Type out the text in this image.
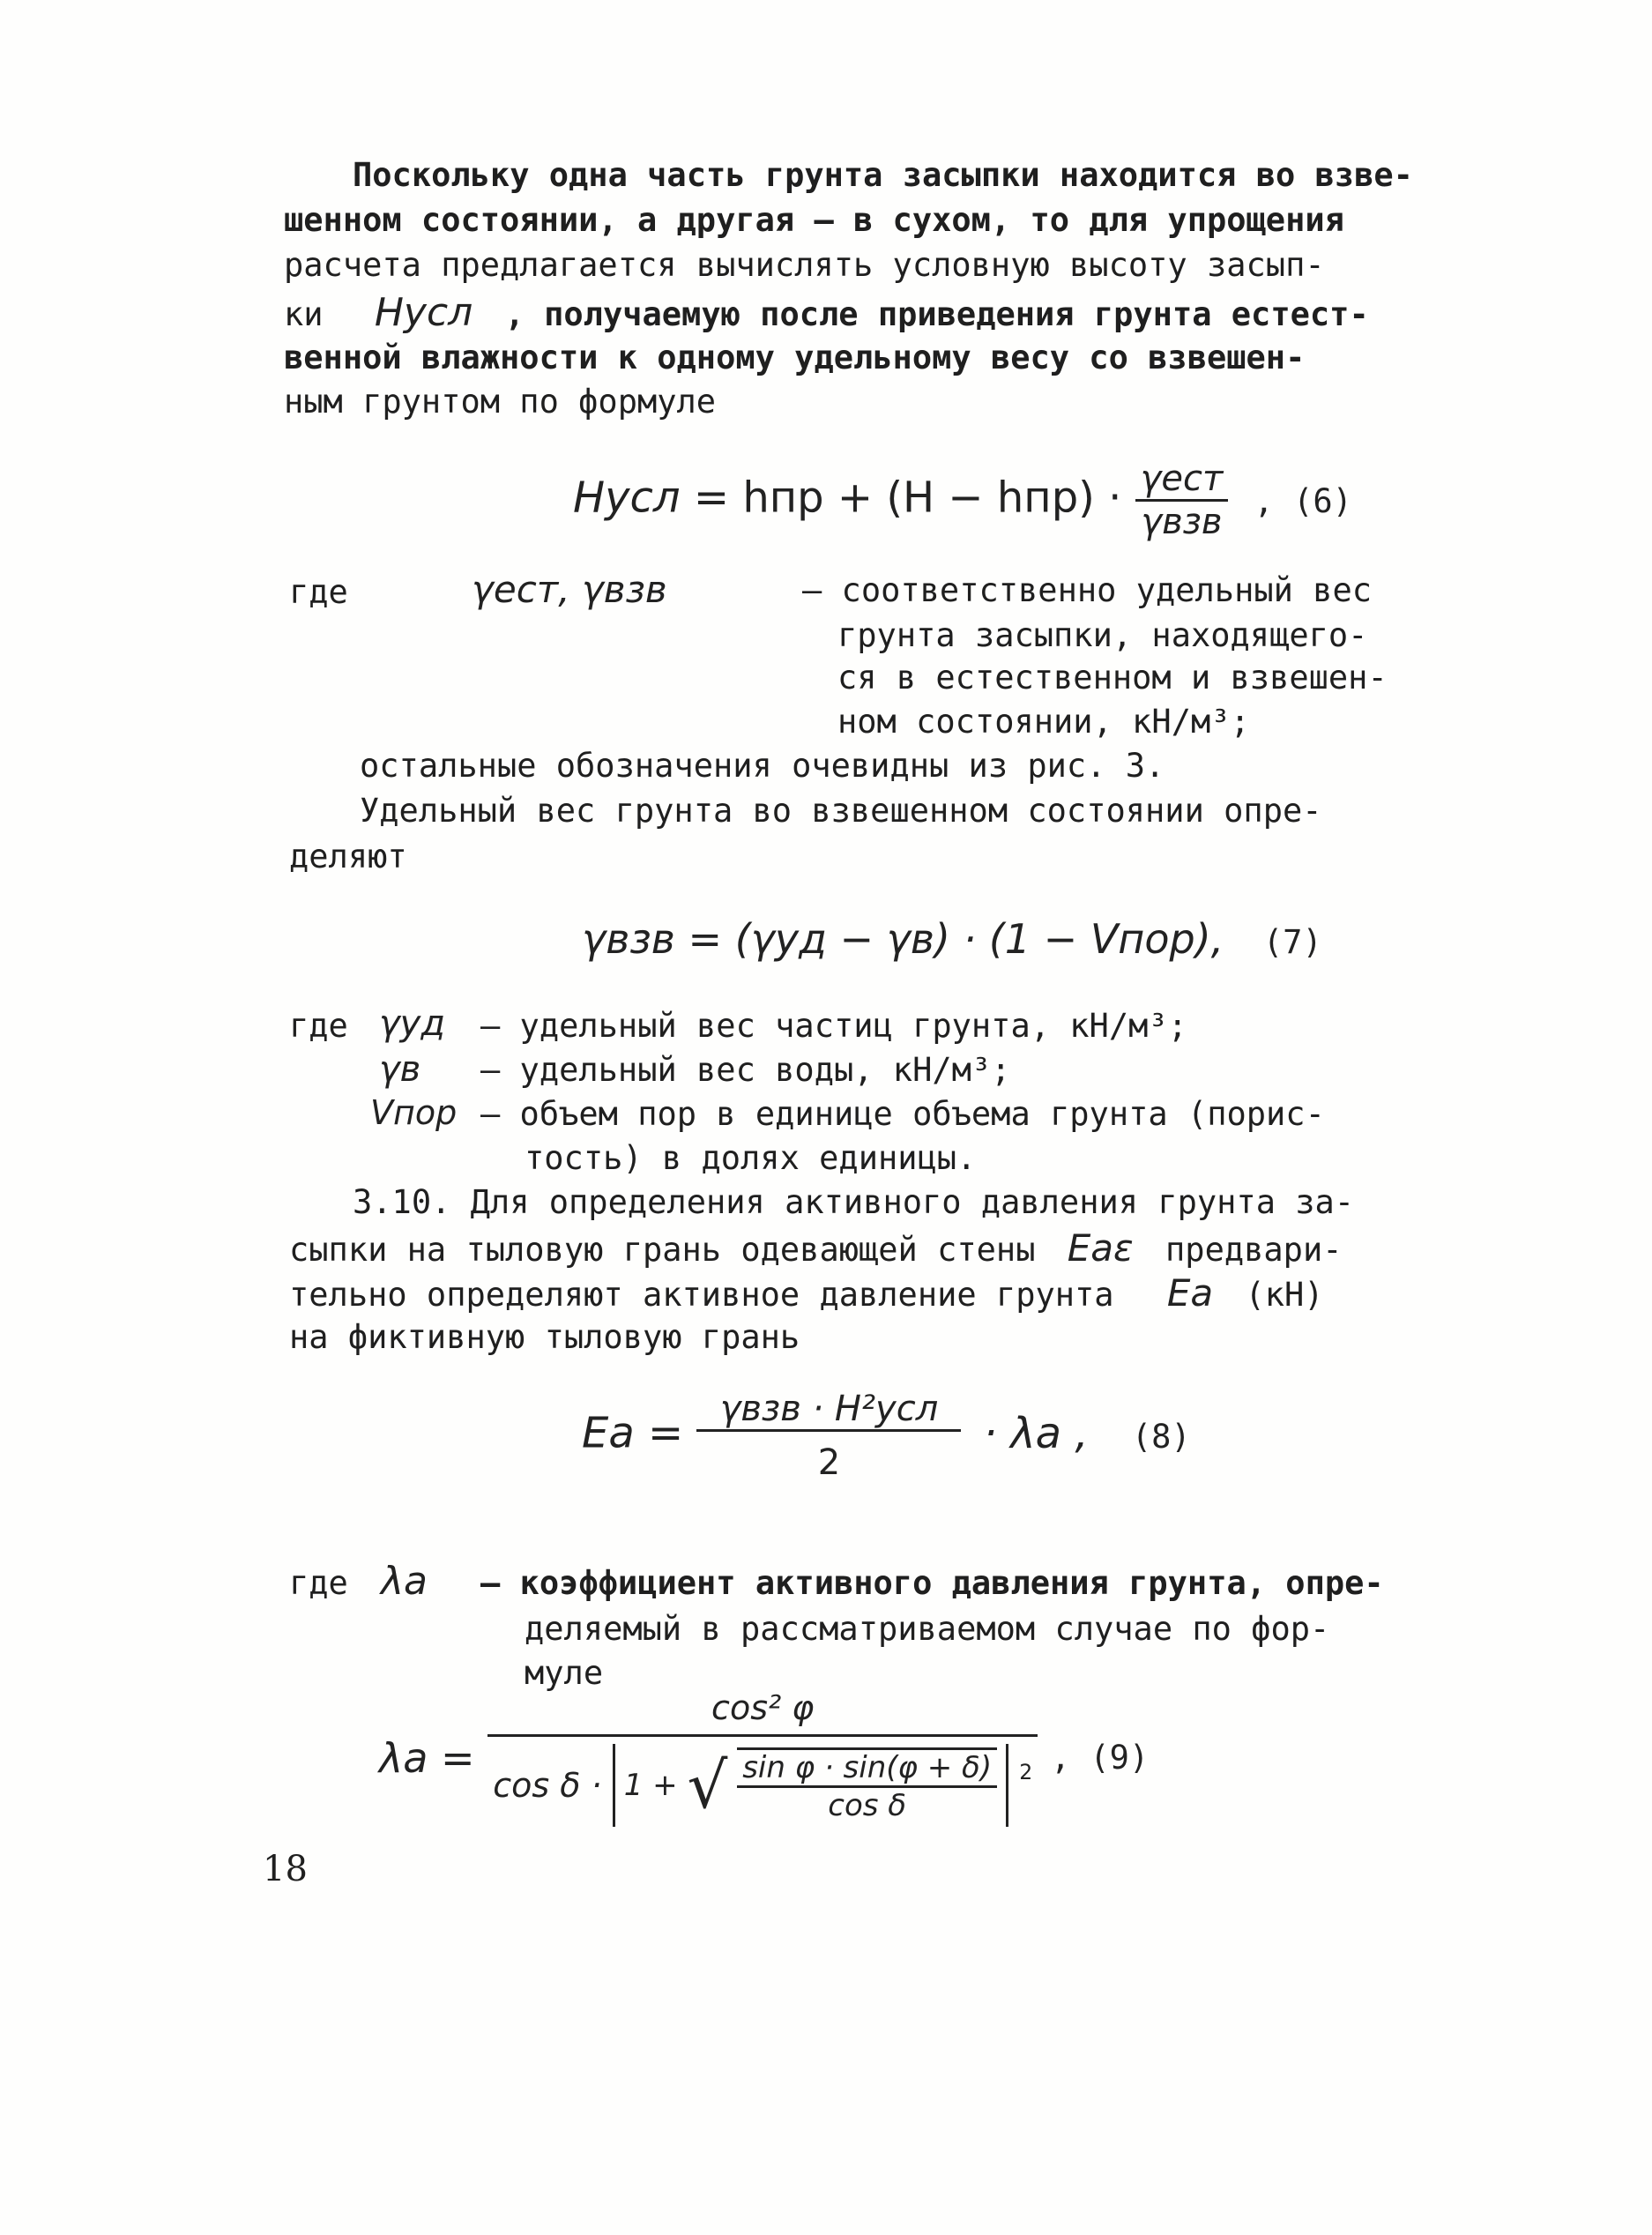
Поскольку одна часть грунта засыпки находится во взве-
шенном состоянии, а другая – в сухом, то для упрощения
расчета предлагается вычислять условную высоту засып-
ки Hусл , получаемую после приведения грунта естест-
венной влажности к одному удельному весу со взвешен-
ным грунтом по формуле
Hусл = hпр + $(H - hпр) \cdot \frac{\text{γест}}{\text{γвзв}}$ , (6)
где	γест, γвзв	– соответственно удельный вес
грунта засыпки, находящего-
ся в естественном и взвешен-
ном состоянии, кН/м³;
остальные обозначения очевидны из рис. 3.
Удельный вес грунта во взвешенном состоянии опре-
деляют
γвзв = (γуд − γв) · (1 − Vпор), (7)
где γуд – удельный вес частиц грунта, кН/м³;
γв – удельный вес воды, кН/м³;
Vпор – объем пор в единице объема грунта (порис-
тость) в долях единицы.
3.10. Для определения активного давления грунта за-
сыпки на тыловую грань одевающей стены Eaε предвари-
тельно определяют активное давление грунта Ea (кН)
на фиктивную тыловую грань
Eа = $\frac{\text{γвзв · H²усл}}{2} \cdot \lambda а$ , (8)
где λа – коэффициент активного давления грунта, опре-
деляемый в рассматриваемом случае по фор-
муле
λа =
cos² φ
cos δ · 1 + √ $\frac{\text{sin φ · sin(φ + δ)}}{\text{cos δ}} ^2$ , (9)
18
